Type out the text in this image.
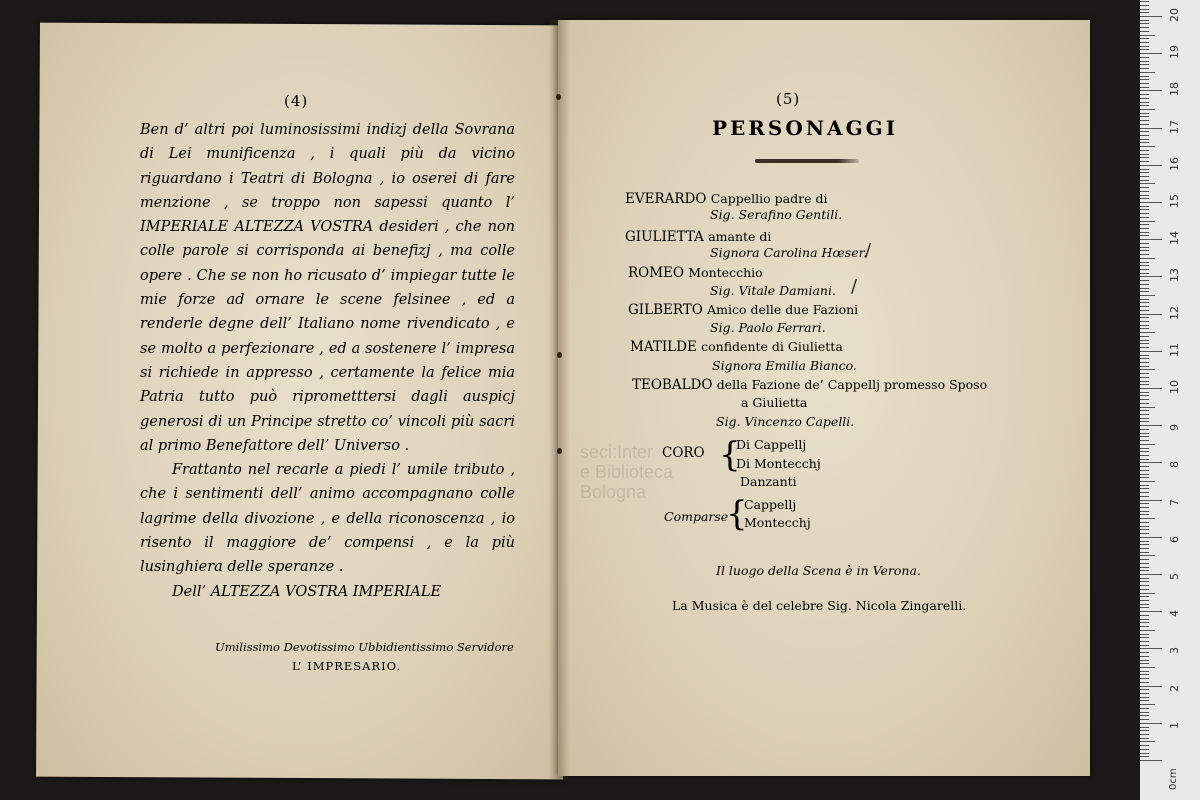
(4)

Ben d’ altri poi luminosissimi indizj della Sovrana di Lei munificenza , i quali più da vicino riguardano i Teatri di Bologna , io oserei di fare menzione , se troppo non sapessi quanto l’ IMPERIALE ALTEZZA VOSTRA desideri , che non colle parole si corrisponda ai benefizj , ma colle opere . Che se non ho ricusato d’ impiegar tutte le mie forze ad ornare le scene felsinee , ed a renderle degne dell’ Italiano nome rivendicato , e se molto a perfezionare , ed a sostenere l’ impresa si richiede in appresso , certamente la felice mia Patria tutto può riprometttersi dagli auspicj generosi di un Principe stretto co’ vincoli più sacri al primo Benefattore dell’ Universo .

Frattanto nel recarle a piedi l’ umile tributo , che i sentimenti dell’ animo accompagnano colle lagrime della divozione , e della riconoscenza , io risento il maggiore de’ compensi , e la più lusinghiera delle speranze .

Dell’ ALTEZZA VOSTRA IMPERIALE

Umilissimo Devotissimo Ubbidientissimo Servidore
L’ IMPRESARIO.
(5)
PERSONAGGI
EVERARDO Cappellio padre di
Sig. Serafino Gentili.
GIULIETTA amante di
Signora Carolina Hœser.
ROMEO Montecchio
Sig. Vitale Damiani.
GILBERTO Amico delle due Fazioni
Sig. Paolo Ferrari.
MATILDE confidente di Giulietta
Signora Emilia Bianco.
TEOBALDO della Fazione de’ Cappellj promesso Sposo
a Giulietta
Sig. Vincenzo Capelli.
CORO {
Di Cappellj
Di Montecchj
Danzanti
Comparse
{
Cappellj
Montecchj
Il luogo della Scena è in Verona.
La Musica è del celebre Sig. Nicola Zingarelli.
/
/
seci:Inter
e Biblioteca
Bologna
0cm
1
2
3
4
5
6
7
8
9
10
11
12
13
14
15
16
17
18
19
20
